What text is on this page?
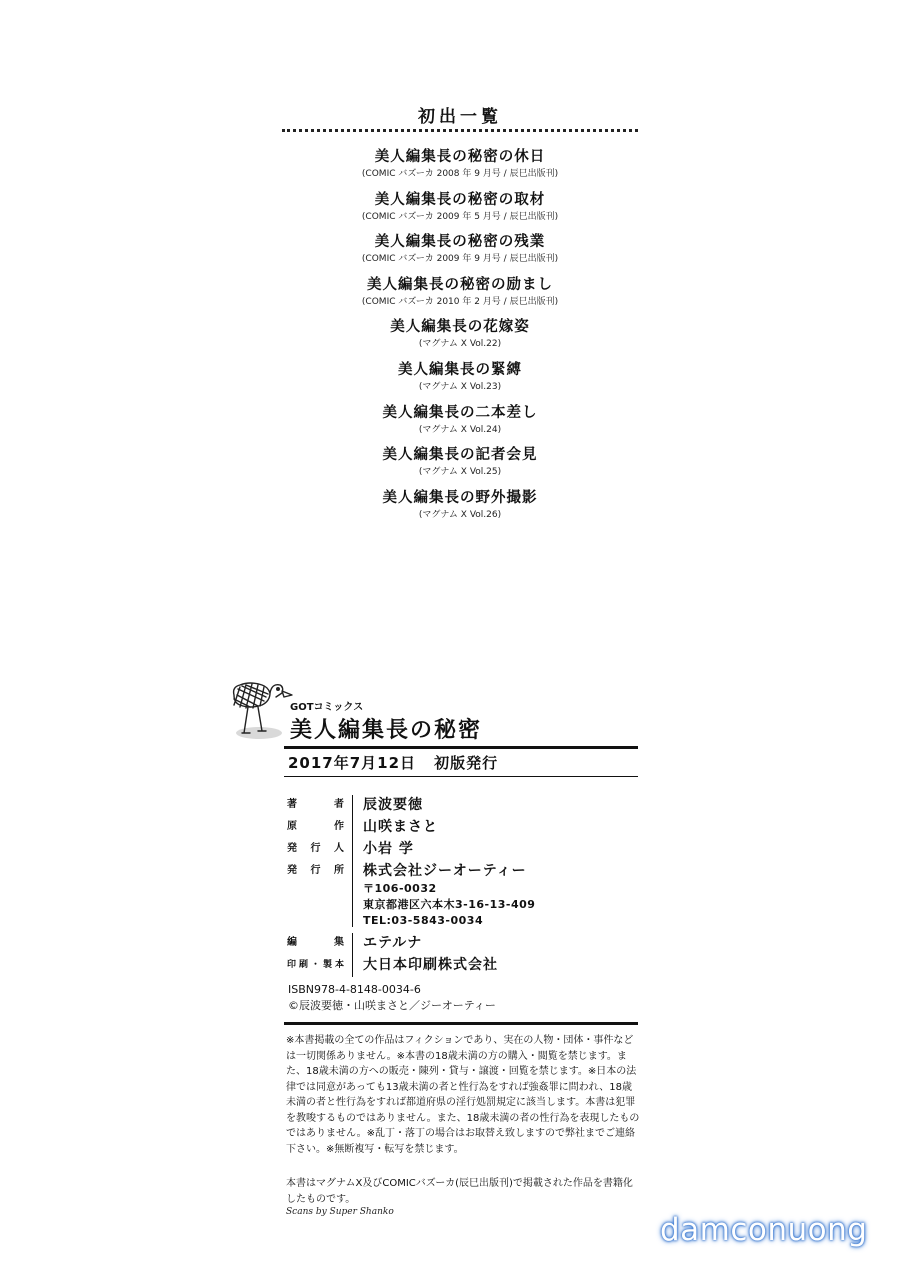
初出一覧
美人編集長の秘密の休日
(COMIC バズーカ 2008 年 9 月号 / 辰巳出版刊)
美人編集長の秘密の取材
(COMIC バズーカ 2009 年 5 月号 / 辰巳出版刊)
美人編集長の秘密の残業
(COMIC バズーカ 2009 年 9 月号 / 辰巳出版刊)
美人編集長の秘密の励まし
(COMIC バズーカ 2010 年 2 月号 / 辰巳出版刊)
美人編集長の花嫁姿
(マグナム X Vol.22)
美人編集長の緊縛
(マグナム X Vol.23)
美人編集長の二本差し
(マグナム X Vol.24)
美人編集長の記者会見
(マグナム X Vol.25)
美人編集長の野外撮影
(マグナム X Vol.26)
GOTコミックス
美人編集長の秘密
2017年7月12日 初版発行
著　者	辰波要徳
原　作	山咲まさと
発行人	小岩 学
発行所	株式会社ジーオーティー
〒106-0032
東京都港区六本木3-16-13-409
TEL:03-5843-0034
編　集	エテルナ
印刷・製本	大日本印刷株式会社
ISBN978-4-8148-0034-6
©辰波要徳・山咲まさと／ジーオーティー
※本書掲載の全ての作品はフィクションであり、実在の人物・団体・事件などは一切関係ありません。※本書の18歳未満の方の購入・閲覧を禁じます。また、18歳未満の方への販売・陳列・貸与・譲渡・回覧を禁じます。※日本の法律では同意があっても13歳未満の者と性行為をすれば強姦罪に問われ、18歳未満の者と性行為をすれば都道府県の淫行処罰規定に該当します。本書は犯罪を教唆するものではありません。また、18歳未満の者の性行為を表現したものではありません。※乱丁・落丁の場合はお取替え致しますので弊社までご連絡下さい。※無断複写・転写を禁じます。
本書はマグナムX及びCOMICバズーカ(辰巳出版刊)で掲載された作品を書籍化したものです。
Scans by Super Shanko	damconuong
